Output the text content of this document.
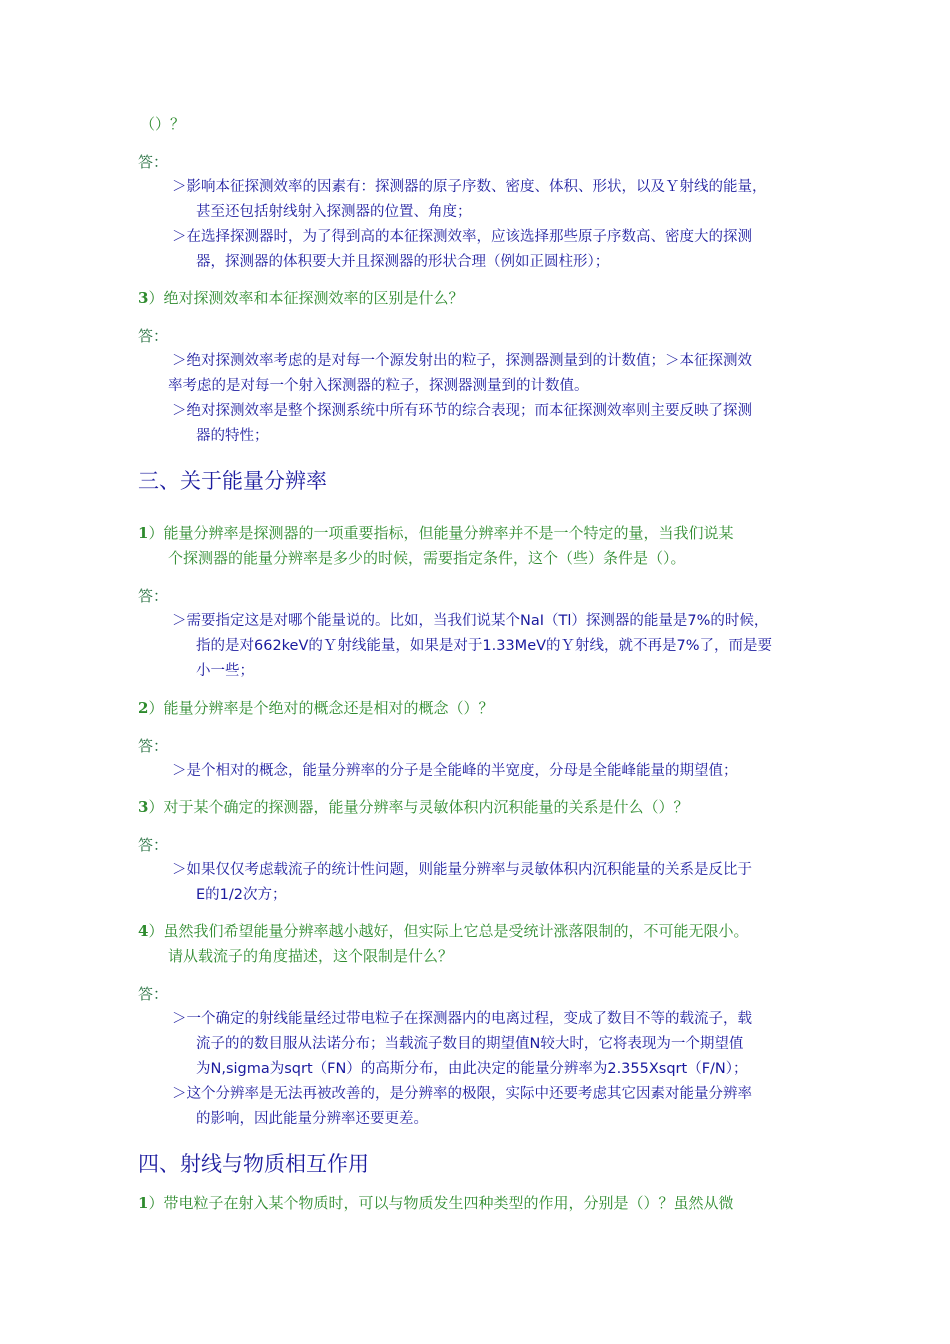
（）？

答：

＞影响本征探测效率的因素有：探测器的原子序数、密度、体积、形状，以及Ｙ射线的能量，

甚至还包括射线射入探测器的位置、角度；

＞在选择探测器时，为了得到高的本征探测效率，应该选择那些原子序数高、密度大的探测

器，探测器的体积要大并且探测器的形状合理（例如正圆柱形）；

3）绝对探测效率和本征探测效率的区别是什么？

答：

＞绝对探测效率考虑的是对每一个源发射出的粒子，探测器测量到的计数值；＞本征探测效

率考虑的是对每一个射入探测器的粒子，探测器测量到的计数值。

＞绝对探测效率是整个探测系统中所有环节的综合表现；而本征探测效率则主要反映了探测

器的特性；

三、关于能量分辨率

1）能量分辨率是探测器的一项重要指标，但能量分辨率并不是一个特定的量，当我们说某

个探测器的能量分辨率是多少的时候，需要指定条件，这个（些）条件是（）。

答：

＞需要指定这是对哪个能量说的。比如，当我们说某个NaI（Tl）探测器的能量是7%的时候，

指的是对662keV的Ｙ射线能量，如果是对于1.33MeV的Ｙ射线，就不再是7%了，而是要

小一些；

2）能量分辨率是个绝对的概念还是相对的概念（）？

答：

＞是个相对的概念，能量分辨率的分子是全能峰的半宽度，分母是全能峰能量的期望值；

3）对于某个确定的探测器，能量分辨率与灵敏体积内沉积能量的关系是什么（）？

答：

＞如果仅仅考虑载流子的统计性问题，则能量分辨率与灵敏体积内沉积能量的关系是反比于

E的1/2次方；

4）虽然我们希望能量分辨率越小越好，但实际上它总是受统计涨落限制的，不可能无限小。

请从载流子的角度描述，这个限制是什么？

答：

＞一个确定的射线能量经过带电粒子在探测器内的电离过程，变成了数目不等的载流子，载

流子的的数目服从法诺分布；当载流子数目的期望值N较大时，它将表现为一个期望值

为N,sigma为sqrt（FN）的高斯分布，由此决定的能量分辨率为2.355Xsqrt（F/N）；

＞这个分辨率是无法再被改善的，是分辨率的极限，实际中还要考虑其它因素对能量分辨率

的影响，因此能量分辨率还要更差。

四、射线与物质相互作用

1）带电粒子在射入某个物质时，可以与物质发生四种类型的作用，分别是（）？虽然从微
